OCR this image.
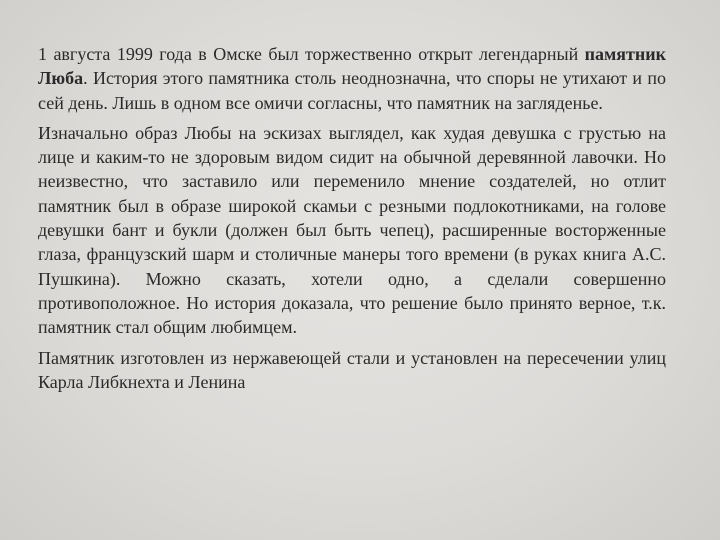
1 августа 1999 года в Омске был торжественно открыт легендарный памятник Люба. История этого памятника столь неоднозначна, что споры не утихают и по сей день. Лишь в одном все омичи согласны, что памятник на загляденье.

Изначально образ Любы на эскизах выглядел, как худая девушка с грустью на лице и каким-то не здоровым видом сидит на обычной деревянной лавочки. Но неизвестно, что заставило или переменило мнение создателей, но отлит памятник был в образе широкой скамьи с резными подлокотниками, на голове девушки бант и букли (должен был быть чепец), расширенные восторженные глаза, французский шарм и столичные манеры того времени (в руках книга А.С. Пушкина). Можно сказать, хотели одно, а сделали совершенно противоположное. Но история доказала, что решение было принято верное, т.к. памятник стал общим любимцем.

Памятник изготовлен из нержавеющей стали и установлен на пересечении улиц Карла Либкнехта и Ленина
